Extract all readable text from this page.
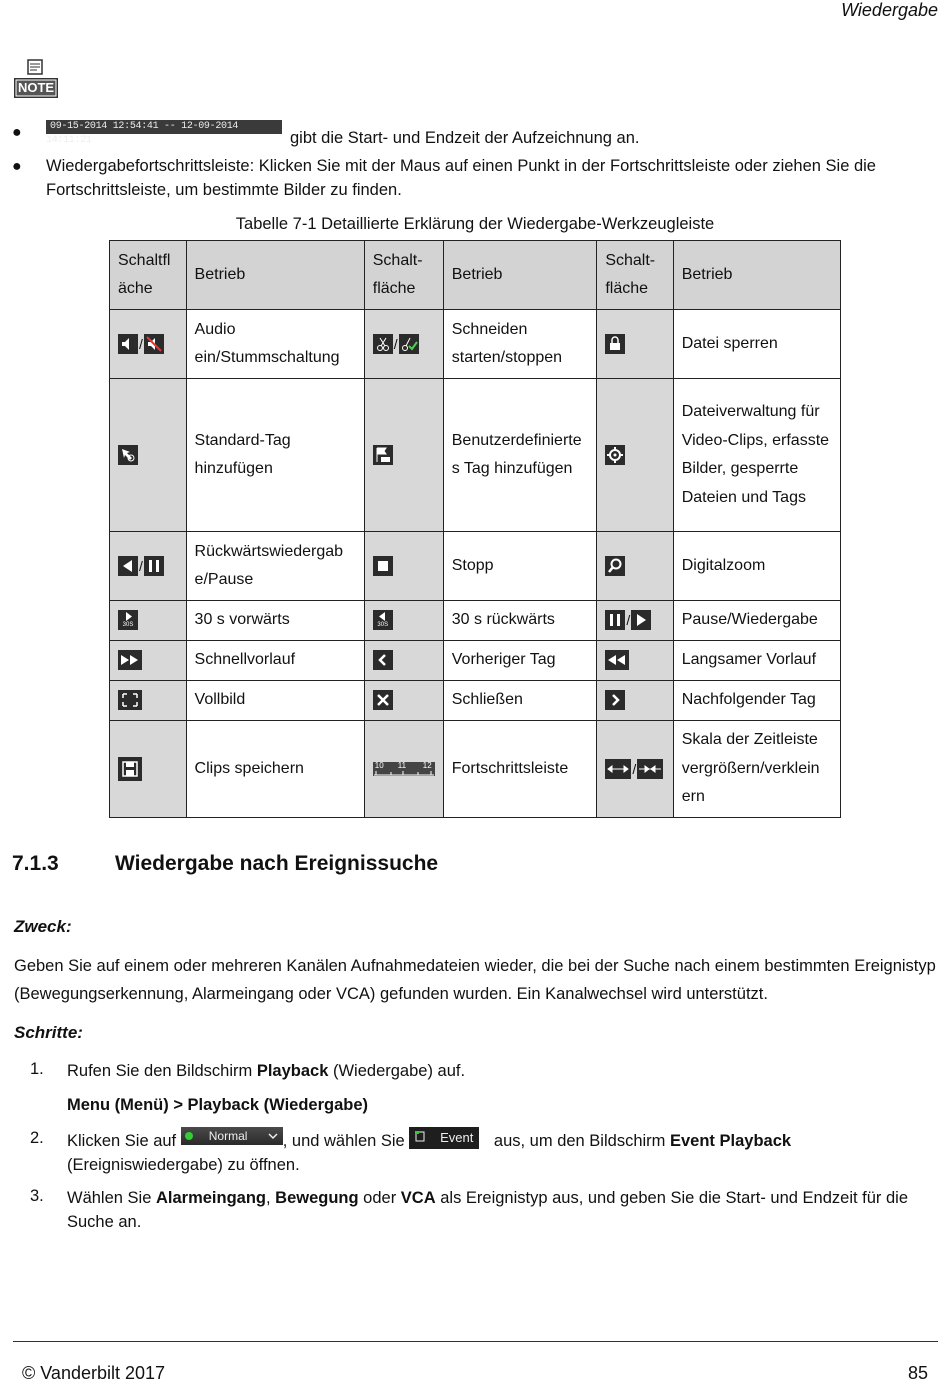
Wiedergabe
NOTE
●	09-15-2014 12:54:41 -- 12-09-2014 14:11:21	gibt die Start- und Endzeit der Aufzeichnung an.
● Wiedergabefortschrittsleiste: Klicken Sie mit der Maus auf einen Punkt in der Fortschrittsleiste oder ziehen Sie die Fortschrittsleiste, um bestimmte Bilder zu finden.
Tabelle 7-1 Detaillierte Erklärung der Wiedergabe-Werkzeugleiste
Schaltfl äche	Betrieb	Schalt- fläche	Betrieb	Schalt- fläche	Betrieb

/	Audio ein/Stummschaltung	/	Schneiden starten/stoppen		Datei sperren

	Standard-Tag hinzufügen		Benutzerdefinierte s Tag hinzufügen		Dateiverwaltung für Video-Clips, erfasste Bilder, gesperrte Dateien und Tags

/	Rückwärtswiedergab e/Pause		Stopp		Digitalzoom

30S	30 s vorwärts	30S	30 s rückwärts	/	Pause/Wiedergabe

	Schnellvorlauf		Vorheriger Tag		Langsamer Vorlauf

	Vollbild		Schließen		Nachfolgender Tag

	Clips speichern	10 11 12	Fortschrittsleiste	/	Skala der Zeitleiste vergrößern/verklein ern
7.1.3	Wiedergabe nach Ereignissuche
Zweck:
Geben Sie auf einem oder mehreren Kanälen Aufnahmedateien wieder, die bei der Suche nach einem bestimmten Ereignistyp (Bewegungserkennung, Alarmeingang oder VCA) gefunden wurden. Ein Kanalwechsel wird unterstützt.
Schritte:
1. Rufen Sie den Bildschirm Playback (Wiedergabe) auf.
Menu (Menü) > Playback (Wiedergabe)
2. Klicken Sie auf Normal , und wählen Sie
Event aus, um den Bildschirm Event Playback
(Ereigniswiedergabe) zu öffnen.
3. Wählen Sie Alarmeingang, Bewegung oder VCA als Ereignistyp aus, und geben Sie die Start- und Endzeit für die Suche an.
© Vanderbilt 2017	85
